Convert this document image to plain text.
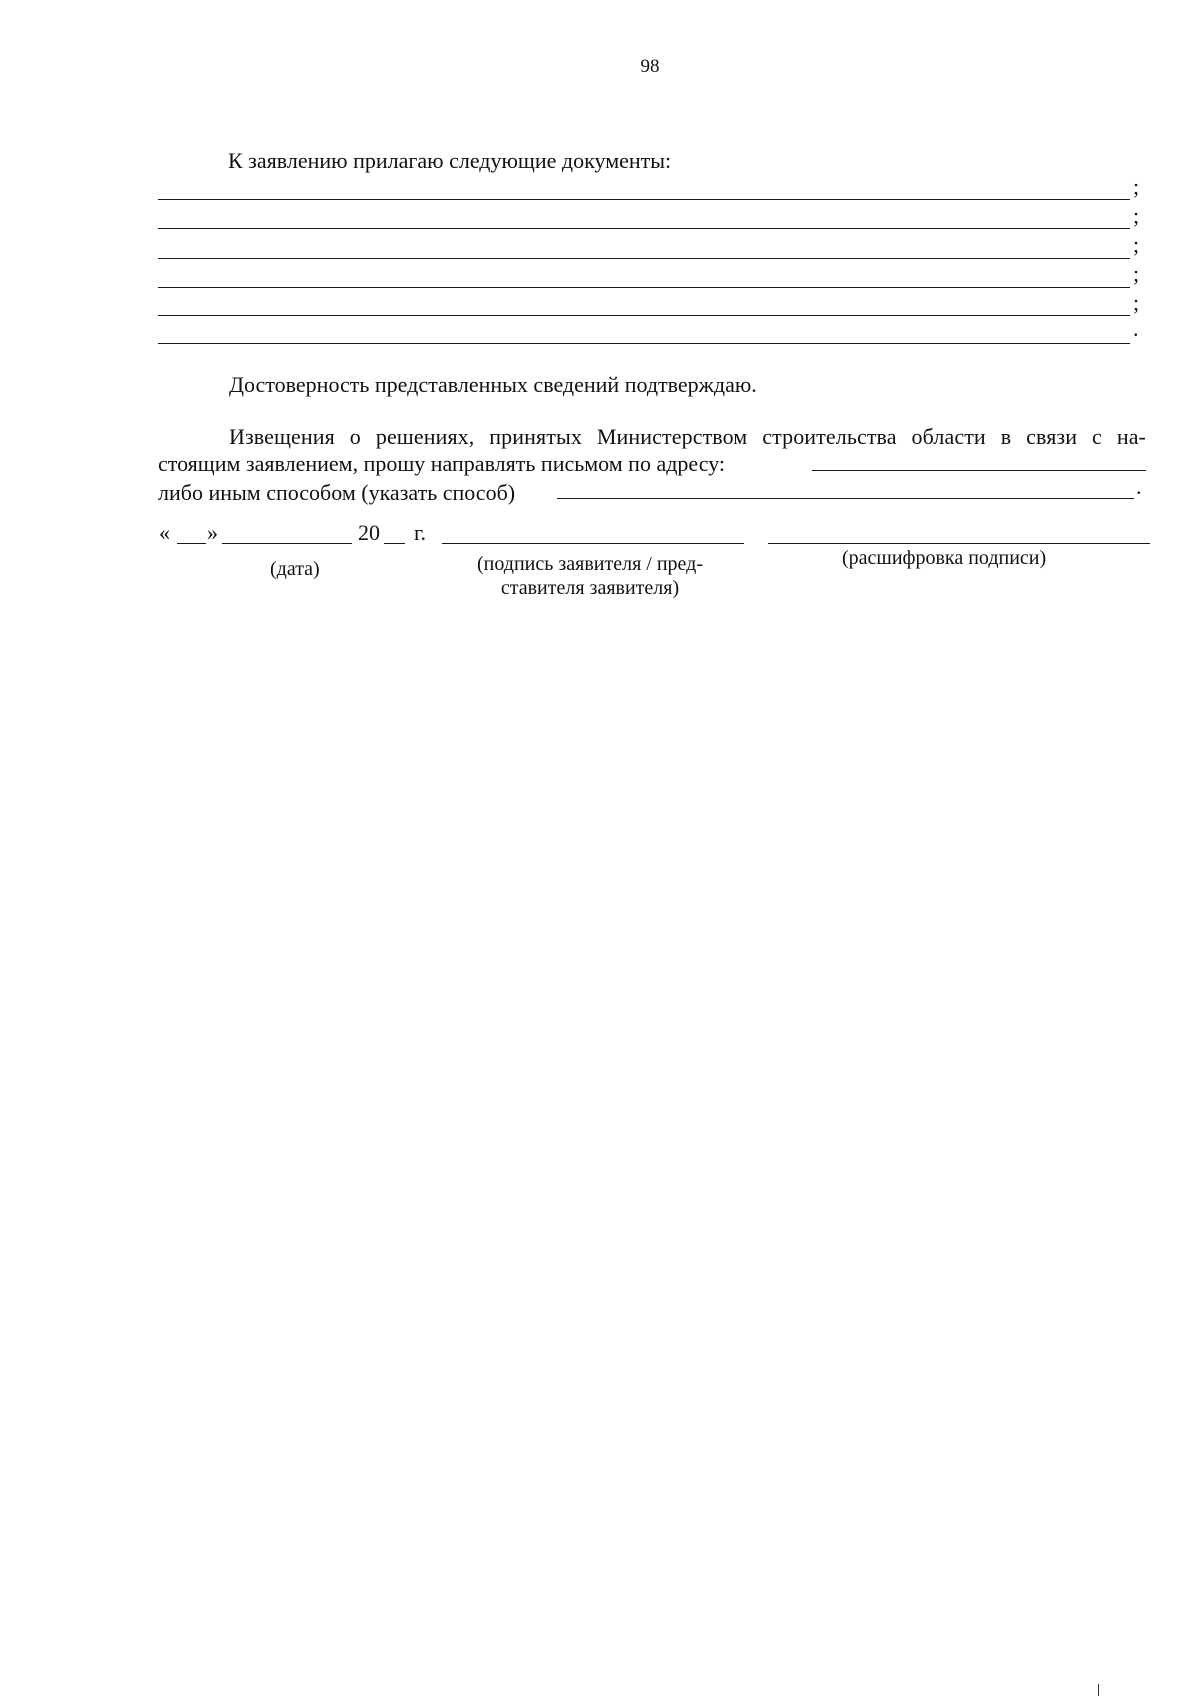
98
К заявлению прилагаю следующие документы:
;
;
;
;
;
.
Достоверность представленных сведений подтверждаю.
Извещения о решениях, принятых Министерством строительства области в связи с на-
стоящим заявлением, прошу направлять письмом по адресу:
либо иным способом (указать способ)	.
« »	20 г.
(дата)	(подпись заявителя / пред-
ставителя заявителя)
(расшифровка подписи)
